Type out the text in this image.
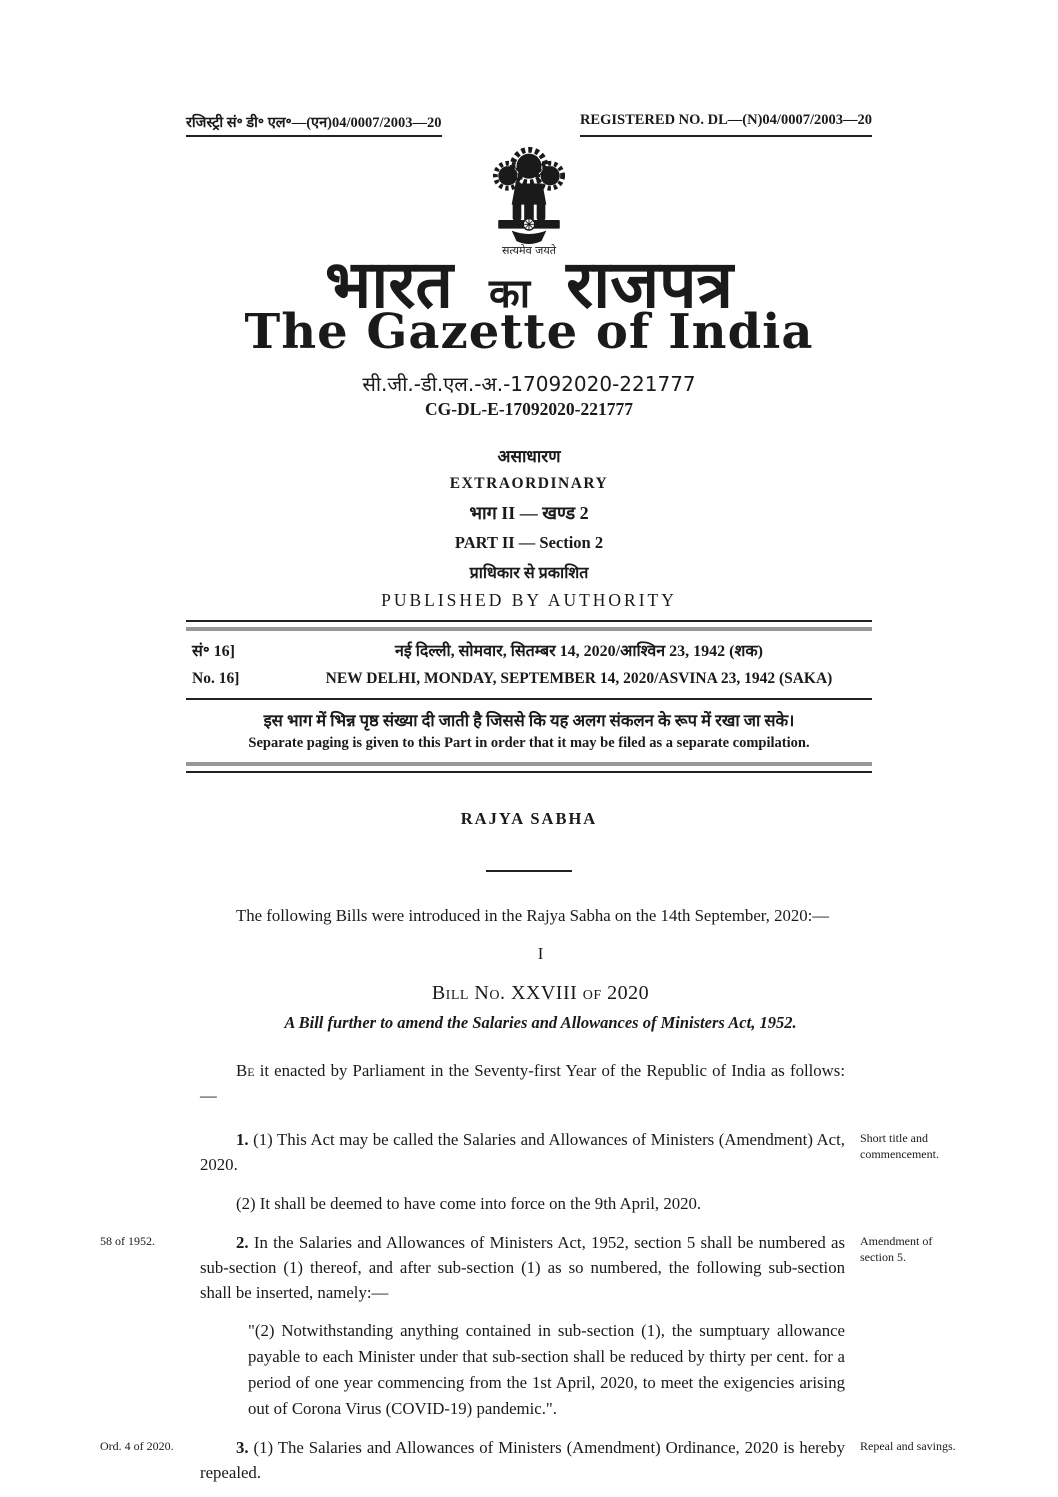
रजिस्ट्री सं॰ डी॰ एल॰—(एन)04/0007/2003—20	REGISTERED NO. DL—(N)04/0007/2003—20
सत्यमेव जयते
भारत का राजपत्र
The Gazette of India
सी.जी.-डी.एल.-अ.-17092020-221777
CG-DL-E-17092020-221777
असाधारण
EXTRAORDINARY
भाग II — खण्ड 2
PART II — Section 2
प्राधिकार से प्रकाशित
PUBLISHED BY AUTHORITY
सं॰ 16]	नई दिल्ली, सोमवार, सितम्बर 14, 2020/आश्विन 23, 1942 (शक)
No. 16]	NEW DELHI, MONDAY, SEPTEMBER 14, 2020/ASVINA 23, 1942 (SAKA)
इस भाग में भिन्न पृष्ठ संख्या दी जाती है जिससे कि यह अलग संकलन के रूप में रखा जा सके।
Separate paging is given to this Part in order that it may be filed as a separate compilation.
RAJYA SABHA

The following Bills were introduced in the Rajya Sabha on the 14th September, 2020:—

I

Bill No. XXVIII of 2020

A Bill further to amend the Salaries and Allowances of Ministers Act, 1952.

Be it enacted by Parliament in the Seventy-first Year of the Republic of India as follows:—

1. (1) This Act may be called the Salaries and Allowances of Ministers (Amendment) Act, 2020.
Short title and commencement.

(2) It shall be deemed to have come into force on the 9th April, 2020.

2. In the Salaries and Allowances of Ministers Act, 1952, section 5 shall be numbered as sub-section (1) thereof, and after sub-section (1) as so numbered, the following sub-section shall be inserted, namely:—
58 of 1952.	Amendment of section 5.

"(2) Notwithstanding anything contained in sub-section (1), the sumptuary allowance payable to each Minister under that sub-section shall be reduced by thirty per cent. for a period of one year commencing from the 1st April, 2020, to meet the exigencies arising out of Corona Virus (COVID-19) pandemic.".

3. (1) The Salaries and Allowances of Ministers (Amendment) Ordinance, 2020 is hereby repealed.
Ord. 4 of 2020.	Repeal and savings.
